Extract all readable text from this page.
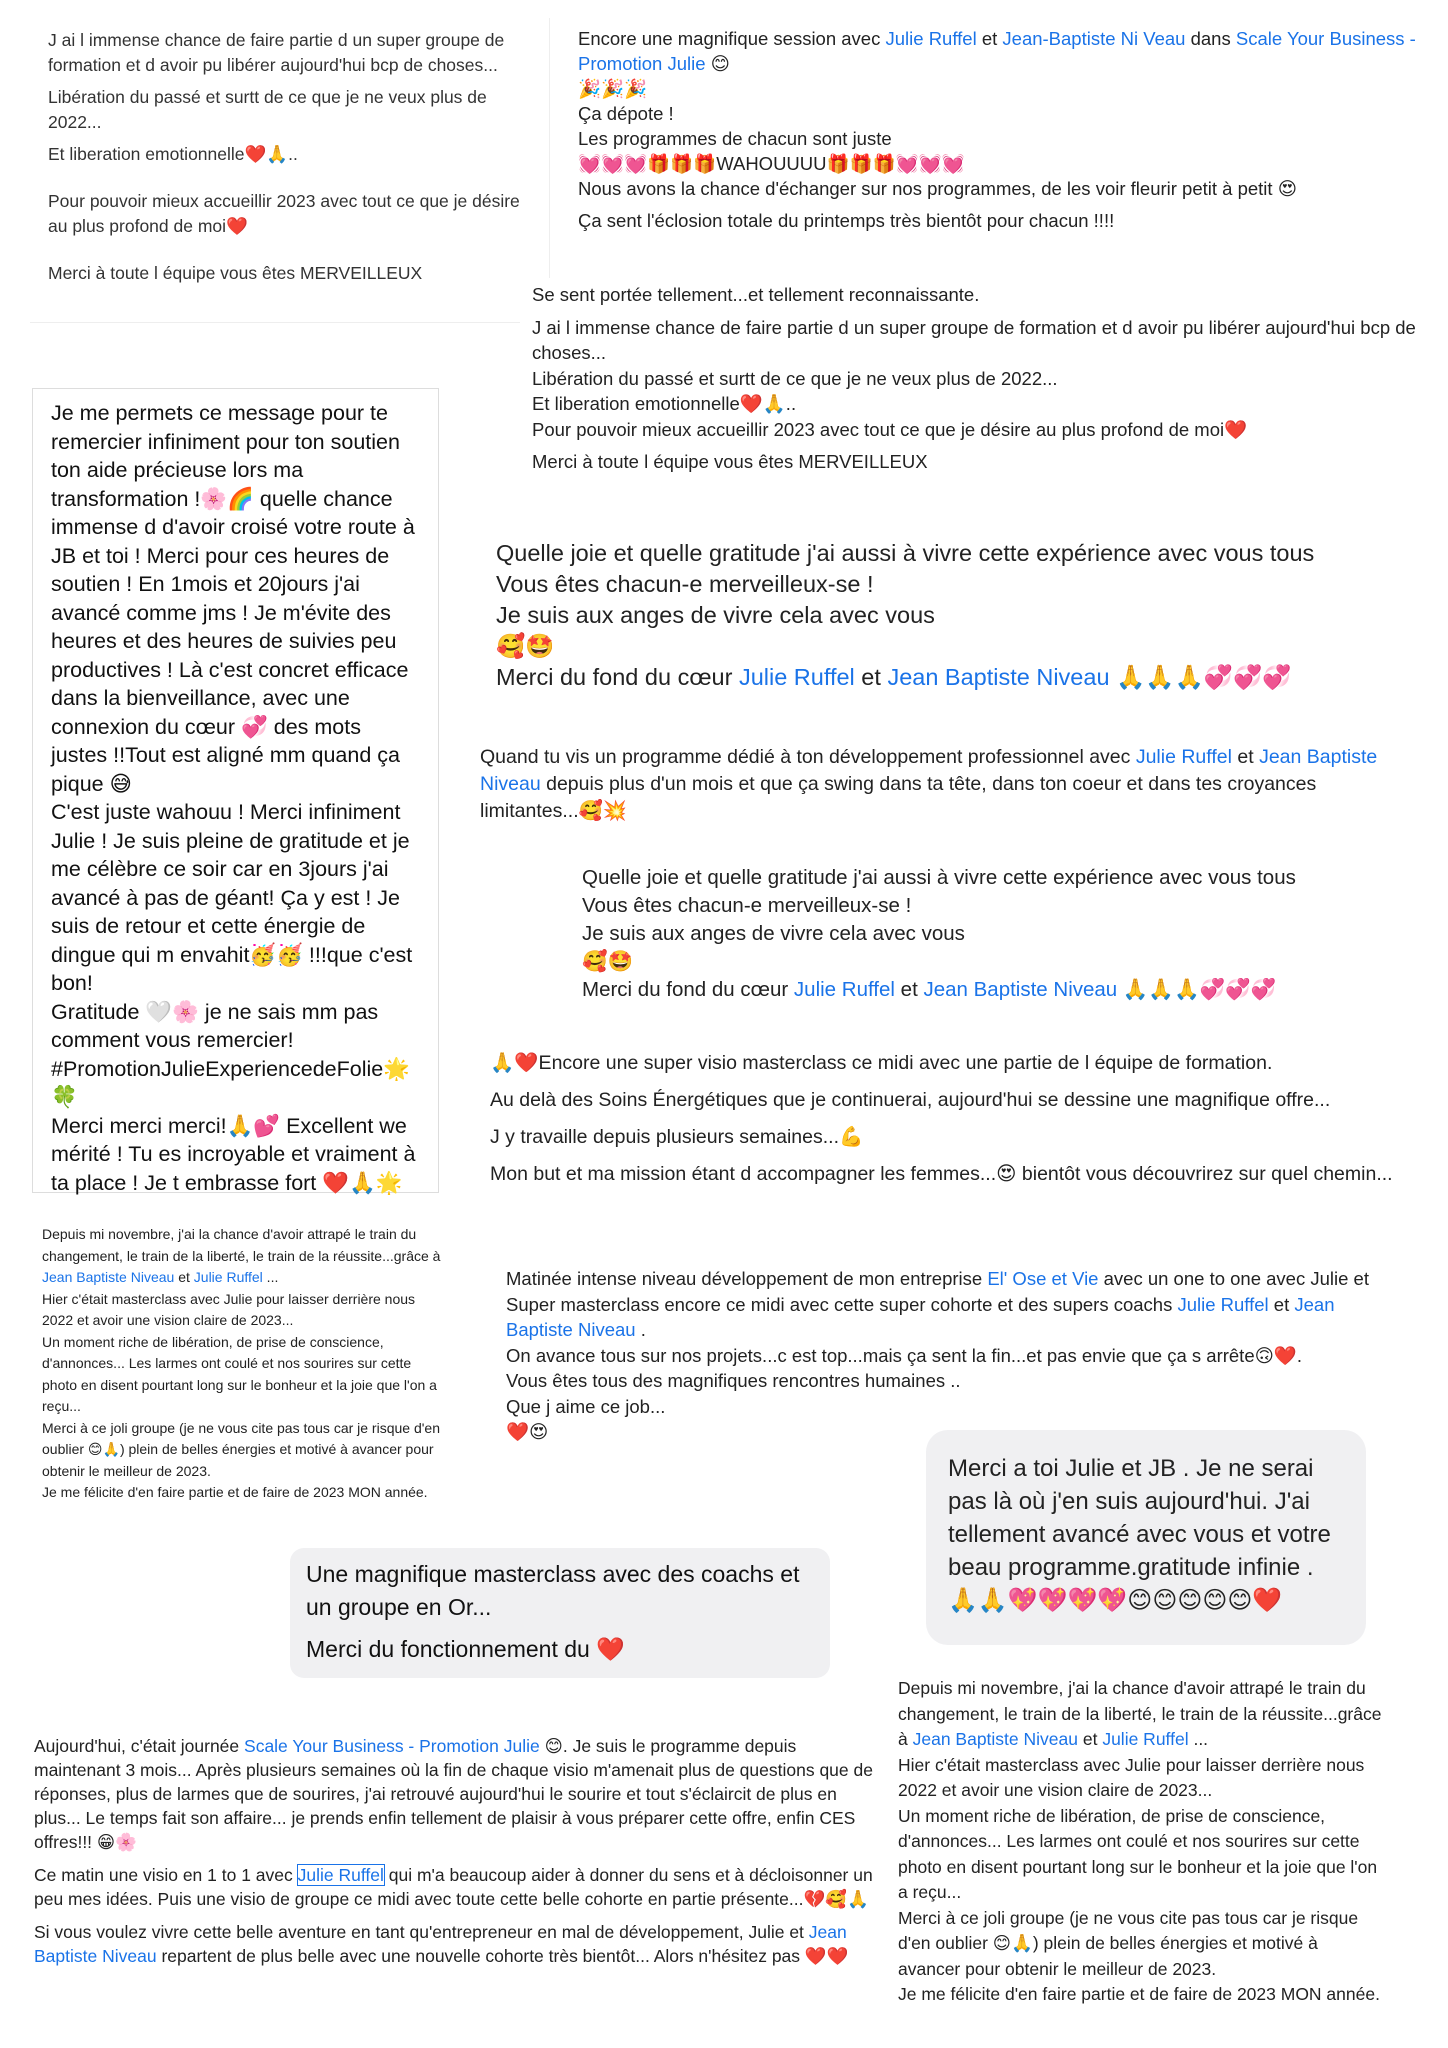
J ai l immense chance de faire partie d un super groupe de formation et d avoir pu libérer aujourd'hui bcp de choses...

Libération du passé et surtt de ce que je ne veux plus de 2022...

Et liberation emotionnelle❤️🙏..

Pour pouvoir mieux accueillir 2023 avec tout ce que je désire au plus profond de moi❤️

Merci à toute l équipe vous êtes MERVEILLEUX

Encore une magnifique session avec Julie Ruffel et Jean-Baptiste Ni Veau dans Scale Your Business - Promotion Julie 😊

🎉🎉🎉
Ça dépote !
Les programmes de chacun sont juste
💓💓💓🎁🎁🎁WAHOUUUU🎁🎁🎁💓💓💓

Nous avons la chance d'échanger sur nos programmes, de les voir fleurir petit à petit 😍

Ça sent l'éclosion totale du printemps très bientôt pour chacun !!!!

Se sent portée tellement...et tellement reconnaissante.

J ai l immense chance de faire partie d un super groupe de formation et d avoir pu libérer aujourd'hui bcp de choses...

Libération du passé et surtt de ce que je ne veux plus de 2022...
Et liberation emotionnelle❤️🙏..

Pour pouvoir mieux accueillir 2023 avec tout ce que je désire au plus profond de moi❤️

Merci à toute l équipe vous êtes MERVEILLEUX

Je me permets ce message pour te remercier infiniment pour ton soutien ton aide précieuse lors ma transformation !🌸🌈 quelle chance immense d d'avoir croisé votre route à JB et toi ! Merci pour ces heures de soutien ! En 1mois et 20jours j'ai avancé comme jms ! Je m'évite des heures et des heures de suivies peu productives ! Là c'est concret efficace dans la bienveillance, avec une connexion du cœur 💞 des mots justes !!Tout est aligné mm quand ça pique 😅
C'est juste wahouu ! Merci infiniment Julie ! Je suis pleine de gratitude et je me célèbre ce soir car en 3jours j'ai avancé à pas de géant! Ça y est ! Je suis de retour et cette énergie de dingue qui m envahit🥳🥳 !!!que c'est bon!
Gratitude 🤍🌸 je ne sais mm pas comment vous remercier! #PromotionJulieExperiencedeFolie🌟🍀
Merci merci merci!🙏💕 Excellent we mérité ! Tu es incroyable et vraiment à ta place ! Je t embrasse fort ❤️🙏🌟
Quelle joie et quelle gratitude j'ai aussi à vivre cette expérience avec vous tous
Vous êtes chacun-e merveilleux-se !
Je suis aux anges de vivre cela avec vous
🥰🤩
Merci du fond du cœur Julie Ruffel et Jean Baptiste Niveau 🙏🙏🙏💞💞💞

Quand tu vis un programme dédié à ton développement professionnel avec Julie Ruffel et Jean Baptiste Niveau depuis plus d'un mois et que ça swing dans ta tête, dans ton coeur et dans tes croyances limitantes...🥰💥

Quelle joie et quelle gratitude j'ai aussi à vivre cette expérience avec vous tous
Vous êtes chacun-e merveilleux-se !
Je suis aux anges de vivre cela avec vous
🥰🤩
Merci du fond du cœur Julie Ruffel et Jean Baptiste Niveau 🙏🙏🙏💞💞💞

🙏❤️Encore une super visio masterclass ce midi avec une partie de l équipe de formation.

Au delà des Soins Énergétiques que je continuerai, aujourd'hui se dessine une magnifique offre...

J y travaille depuis plusieurs semaines...💪

Mon but et ma mission étant d accompagner les femmes...😍 bientôt vous découvrirez sur quel chemin...

Depuis mi novembre, j'ai la chance d'avoir attrapé le train du changement, le train de la liberté, le train de la réussite...grâce à Jean Baptiste Niveau et Julie Ruffel ...
Hier c'était masterclass avec Julie pour laisser derrière nous 2022 et avoir une vision claire de 2023...
Un moment riche de libération, de prise de conscience, d'annonces... Les larmes ont coulé et nos sourires sur cette photo en disent pourtant long sur le bonheur et la joie que l'on a reçu...
Merci à ce joli groupe (je ne vous cite pas tous car je risque d'en oublier 😊🙏) plein de belles énergies et motivé à avancer pour obtenir le meilleur de 2023.
Je me félicite d'en faire partie et de faire de 2023 MON année.
Matinée intense niveau développement de mon entreprise El' Ose et Vie avec un one to one avec Julie et Super masterclass encore ce midi avec cette super cohorte et des supers coachs Julie Ruffel et Jean Baptiste Niveau .
On avance tous sur nos projets...c est top...mais ça sent la fin...et pas envie que ça s arrête🙃❤️.
Vous êtes tous des magnifiques rencontres humaines ..
Que j aime ce job...
❤️😍
Merci a toi Julie et JB . Je ne serai pas là où j'en suis aujourd'hui. J'ai tellement avancé avec vous et votre beau programme.gratitude infinie . 🙏🙏💖💖💖💖😊😊😊😊😊❤️

Une magnifique masterclass avec des coachs et un groupe en Or...

Merci du fonctionnement du ❤️

Depuis mi novembre, j'ai la chance d'avoir attrapé le train du changement, le train de la liberté, le train de la réussite...grâce à Jean Baptiste Niveau et Julie Ruffel ...
Hier c'était masterclass avec Julie pour laisser derrière nous 2022 et avoir une vision claire de 2023...
Un moment riche de libération, de prise de conscience, d'annonces... Les larmes ont coulé et nos sourires sur cette photo en disent pourtant long sur le bonheur et la joie que l'on a reçu...
Merci à ce joli groupe (je ne vous cite pas tous car je risque d'en oublier 😊🙏) plein de belles énergies et motivé à avancer pour obtenir le meilleur de 2023.
Je me félicite d'en faire partie et de faire de 2023 MON année.

Aujourd'hui, c'était journée Scale Your Business - Promotion Julie 😊. Je suis le programme depuis maintenant 3 mois... Après plusieurs semaines où la fin de chaque visio m'amenait plus de questions que de réponses, plus de larmes que de sourires, j'ai retrouvé aujourd'hui le sourire et tout s'éclaircit de plus en plus... Le temps fait son affaire... je prends enfin tellement de plaisir à vous préparer cette offre, enfin CES offres!!! 😁🌸

Ce matin une visio en 1 to 1 avec Julie Ruffel qui m'a beaucoup aider à donner du sens et à décloisonner un peu mes idées. Puis une visio de groupe ce midi avec toute cette belle cohorte en partie présente...💔🥰🙏

Si vous voulez vivre cette belle aventure en tant qu'entrepreneur en mal de développement, Julie et Jean Baptiste Niveau repartent de plus belle avec une nouvelle cohorte très bientôt... Alors n'hésitez pas ❤️❤️
